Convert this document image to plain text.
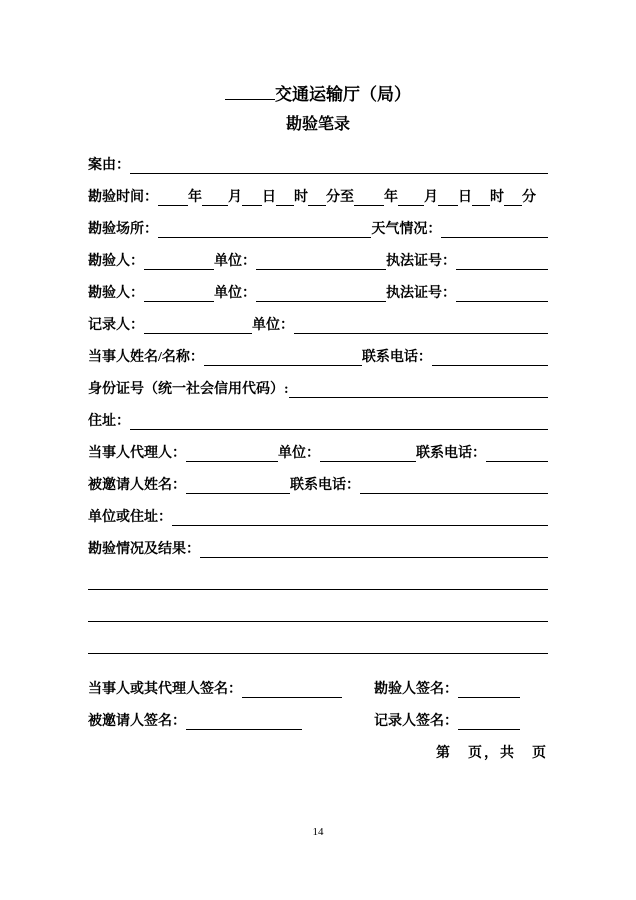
交通运输厅（局）
勘验笔录
案由：
勘验时间： 年 月 日 时 分至 年 月 日 时 分
勘验场所：	天气情况：
勘验人：	单位：	执法证号：
勘验人：	单位：	执法证号：
记录人：	单位：
当事人姓名/名称：	联系电话：
身份证号（统一社会信用代码）:
住址：
当事人代理人：	单位：	联系电话：
被邀请人姓名：	联系电话：
单位或住址：
勘验情况及结果：
当事人或其代理人签名：	勘验人签名：
被邀请人签名：	记录人签名：
第　页，共　页
14
